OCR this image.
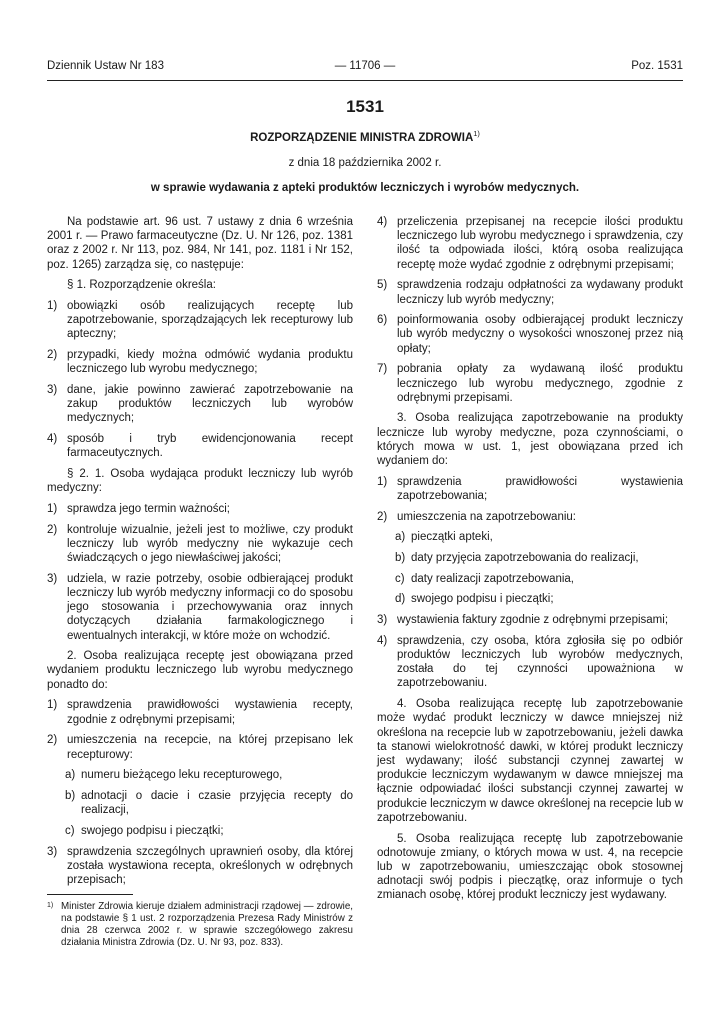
Dziennik Ustaw Nr 183	— 11706 —	Poz. 1531
1531
ROZPORZĄDZENIE MINISTRA ZDROWIA$^{1)}$
z dnia 18 października 2002 r.
w sprawie wydawania z apteki produktów leczniczych i wyrobów medycznych.

Na podstawie art. 96 ust. 7 ustawy z dnia 6 września 2001 r. — Prawo farmaceutyczne (Dz. U. Nr 126, poz. 1381 oraz z 2002 r. Nr 113, poz. 984, Nr 141, poz. 1181 i Nr 152, poz. 1265) zarządza się, co następuje:

§ 1. Rozporządzenie określa:

1) obowiązki osób realizujących receptę lub zapotrzebowanie, sporządzających lek recepturowy lub apteczny;
2) przypadki, kiedy można odmówić wydania produktu leczniczego lub wyrobu medycznego;
3) dane, jakie powinno zawierać zapotrzebowanie na zakup produktów leczniczych lub wyrobów medycznych;
4) sposób i tryb ewidencjonowania recept farmaceutycznych.

§ 2. 1. Osoba wydająca produkt leczniczy lub wyrób medyczny:

1) sprawdza jego termin ważności;
2) kontroluje wizualnie, jeżeli jest to możliwe, czy produkt leczniczy lub wyrób medyczny nie wykazuje cech świadczących o jego niewłaściwej jakości;
3) udziela, w razie potrzeby, osobie odbierającej produkt leczniczy lub wyrób medyczny informacji co do sposobu jego stosowania i przechowywania oraz innych dotyczących działania farmakologicznego i ewentualnych interakcji, w które może on wchodzić.

2. Osoba realizująca receptę jest obowiązana przed wydaniem produktu leczniczego lub wyrobu medycznego ponadto do:

1) sprawdzenia prawidłowości wystawienia recepty, zgodnie z odrębnymi przepisami;
2) umieszczenia na recepcie, na której przepisano lek recepturowy:
a) numeru bieżącego leku recepturowego,
b) adnotacji o dacie i czasie przyjęcia recepty do realizacji,
c) swojego podpisu i pieczątki;
3) sprawdzenia szczególnych uprawnień osoby, dla której została wystawiona recepta, określonych w odrębnych przepisach;
4) przeliczenia przepisanej na recepcie ilości produktu leczniczego lub wyrobu medycznego i sprawdzenia, czy ilość ta odpowiada ilości, którą osoba realizująca receptę może wydać zgodnie z odrębnymi przepisami;
5) sprawdzenia rodzaju odpłatności za wydawany produkt leczniczy lub wyrób medyczny;
6) poinformowania osoby odbierającej produkt leczniczy lub wyrób medyczny o wysokości wnoszonej przez nią opłaty;
7) pobrania opłaty za wydawaną ilość produktu leczniczego lub wyrobu medycznego, zgodnie z odrębnymi przepisami.

3. Osoba realizująca zapotrzebowanie na produkty lecznicze lub wyroby medyczne, poza czynnościami, o których mowa w ust. 1, jest obowiązana przed ich wydaniem do:

1) sprawdzenia prawidłowości wystawienia zapotrzebowania;
2) umieszczenia na zapotrzebowaniu:
a) pieczątki apteki,
b) daty przyjęcia zapotrzebowania do realizacji,
c) daty realizacji zapotrzebowania,
d) swojego podpisu i pieczątki;
3) wystawienia faktury zgodnie z odrębnymi przepisami;
4) sprawdzenia, czy osoba, która zgłosiła się po odbiór produktów leczniczych lub wyrobów medycznych, została do tej czynności upoważniona w zapotrzebowaniu.

4. Osoba realizująca receptę lub zapotrzebowanie może wydać produkt leczniczy w dawce mniejszej niż określona na recepcie lub w zapotrzebowaniu, jeżeli dawka ta stanowi wielokrotność dawki, w której produkt leczniczy jest wydawany; ilość substancji czynnej zawartej w produkcie leczniczym wydawanym w dawce mniejszej ma łącznie odpowiadać ilości substancji czynnej zawartej w produkcie leczniczym w dawce określonej na recepcie lub w zapotrzebowaniu.

5. Osoba realizująca receptę lub zapotrzebowanie odnotowuje zmiany, o których mowa w ust. 4, na recepcie lub w zapotrzebowaniu, umieszczając obok stosownej adnotacji swój podpis i pieczątkę, oraz informuje o tych zmianach osobę, której produkt leczniczy jest wydawany.

1) Minister Zdrowia kieruje działem administracji rządowej — zdrowie, na podstawie § 1 ust. 2 rozporządzenia Prezesa Rady Ministrów z dnia 28 czerwca 2002 r. w sprawie szczegółowego zakresu działania Ministra Zdrowia (Dz. U. Nr 93, poz. 833).
